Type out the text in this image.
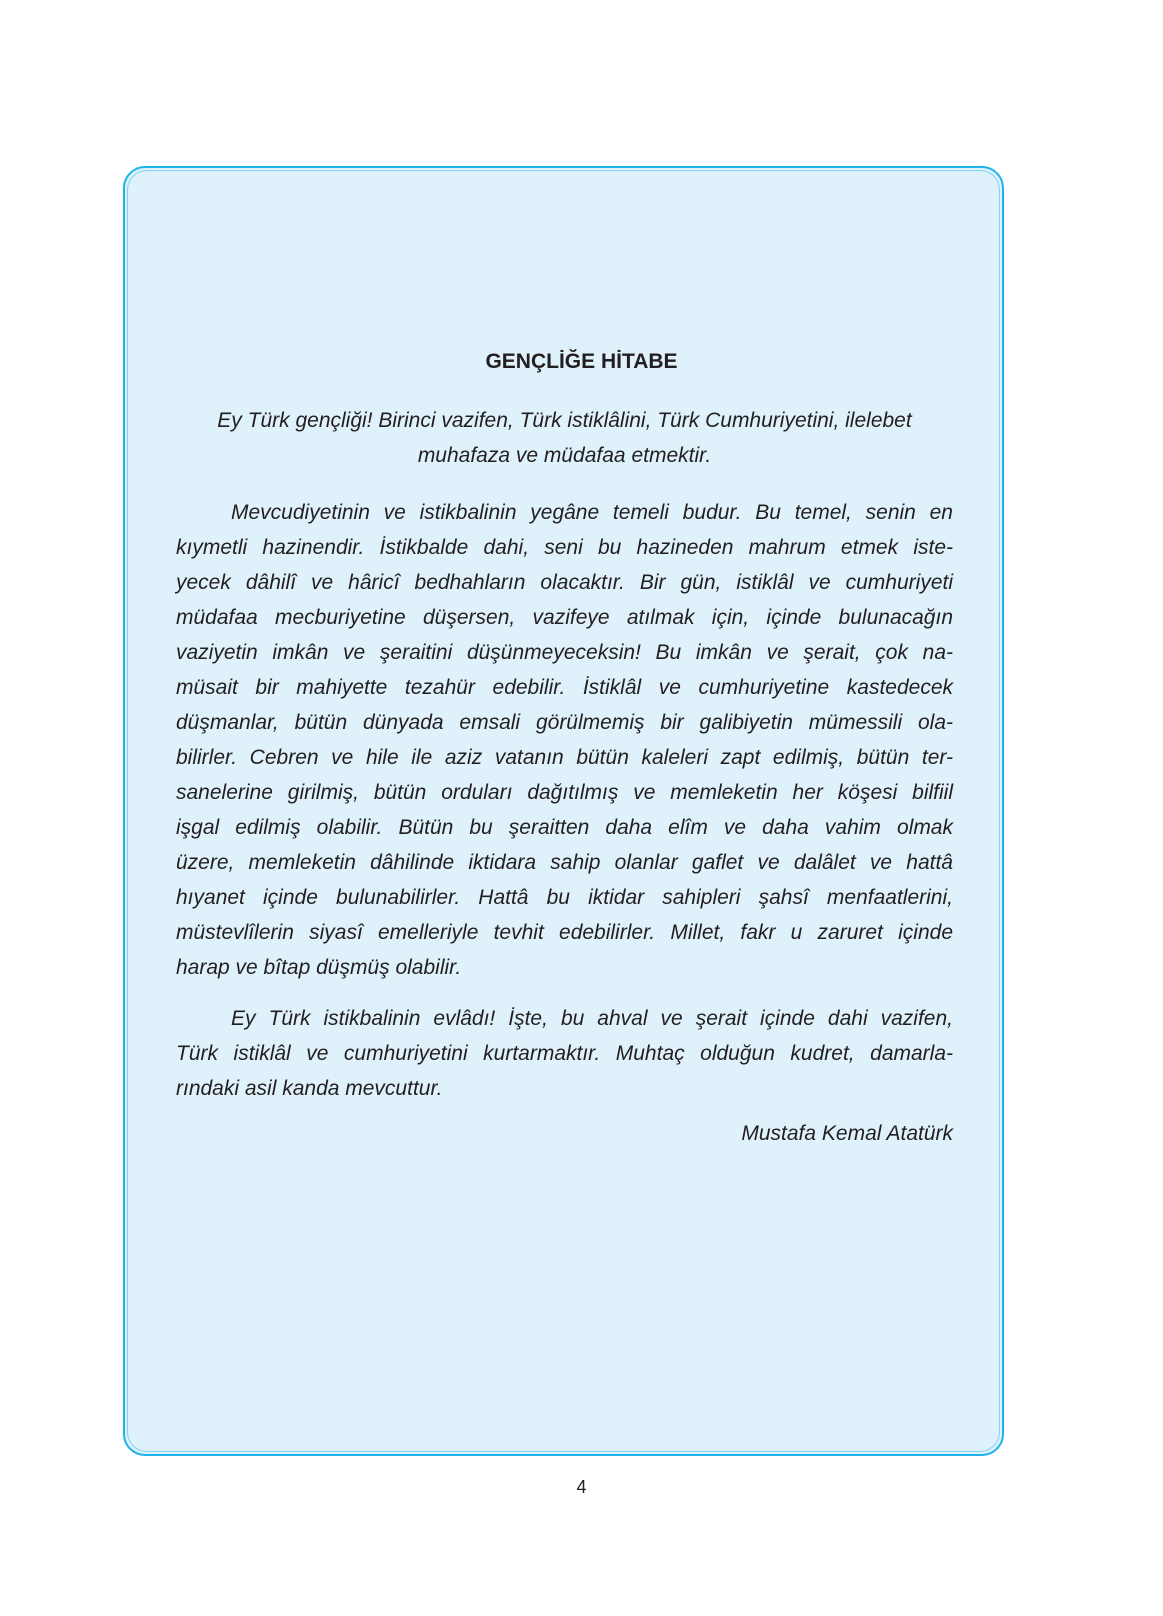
GENÇLİĞE HİTABE
Ey Türk gençliği! Birinci vazifen, Türk istiklâlini, Türk Cumhuriyetini, ilelebet
muhafaza ve müdafaa etmektir.
Mevcudiyetinin ve istikbalinin yegâne temeli budur. Bu temel, senin en
kıymetli hazinendir. İstikbalde dahi, seni bu hazineden mahrum etmek iste-
yecek dâhilî ve hâricî bedhahların olacaktır. Bir gün, istiklâl ve cumhuriyeti
müdafaa mecburiyetine düşersen, vazifeye atılmak için, içinde bulunacağın
vaziyetin imkân ve şeraitini düşünmeyeceksin! Bu imkân ve şerait, çok na-
müsait bir mahiyette tezahür edebilir. İstiklâl ve cumhuriyetine kastedecek
düşmanlar, bütün dünyada emsali görülmemiş bir galibiyetin mümessili ola-
bilirler. Cebren ve hile ile aziz vatanın bütün kaleleri zapt edilmiş, bütün ter-
sanelerine girilmiş, bütün orduları dağıtılmış ve memleketin her köşesi bilfiil
işgal edilmiş olabilir. Bütün bu şeraitten daha elîm ve daha vahim olmak
üzere, memleketin dâhilinde iktidara sahip olanlar gaflet ve dalâlet ve hattâ
hıyanet içinde bulunabilirler. Hattâ bu iktidar sahipleri şahsî menfaatlerini,
müstevlîlerin siyasî emelleriyle tevhit edebilirler. Millet, fakr u zaruret içinde
harap ve bîtap düşmüş olabilir.
Ey Türk istikbalinin evlâdı! İşte, bu ahval ve şerait içinde dahi vazifen,
Türk istiklâl ve cumhuriyetini kurtarmaktır. Muhtaç olduğun kudret, damarla-
rındaki asil kanda mevcuttur.
Mustafa Kemal Atatürk
4
